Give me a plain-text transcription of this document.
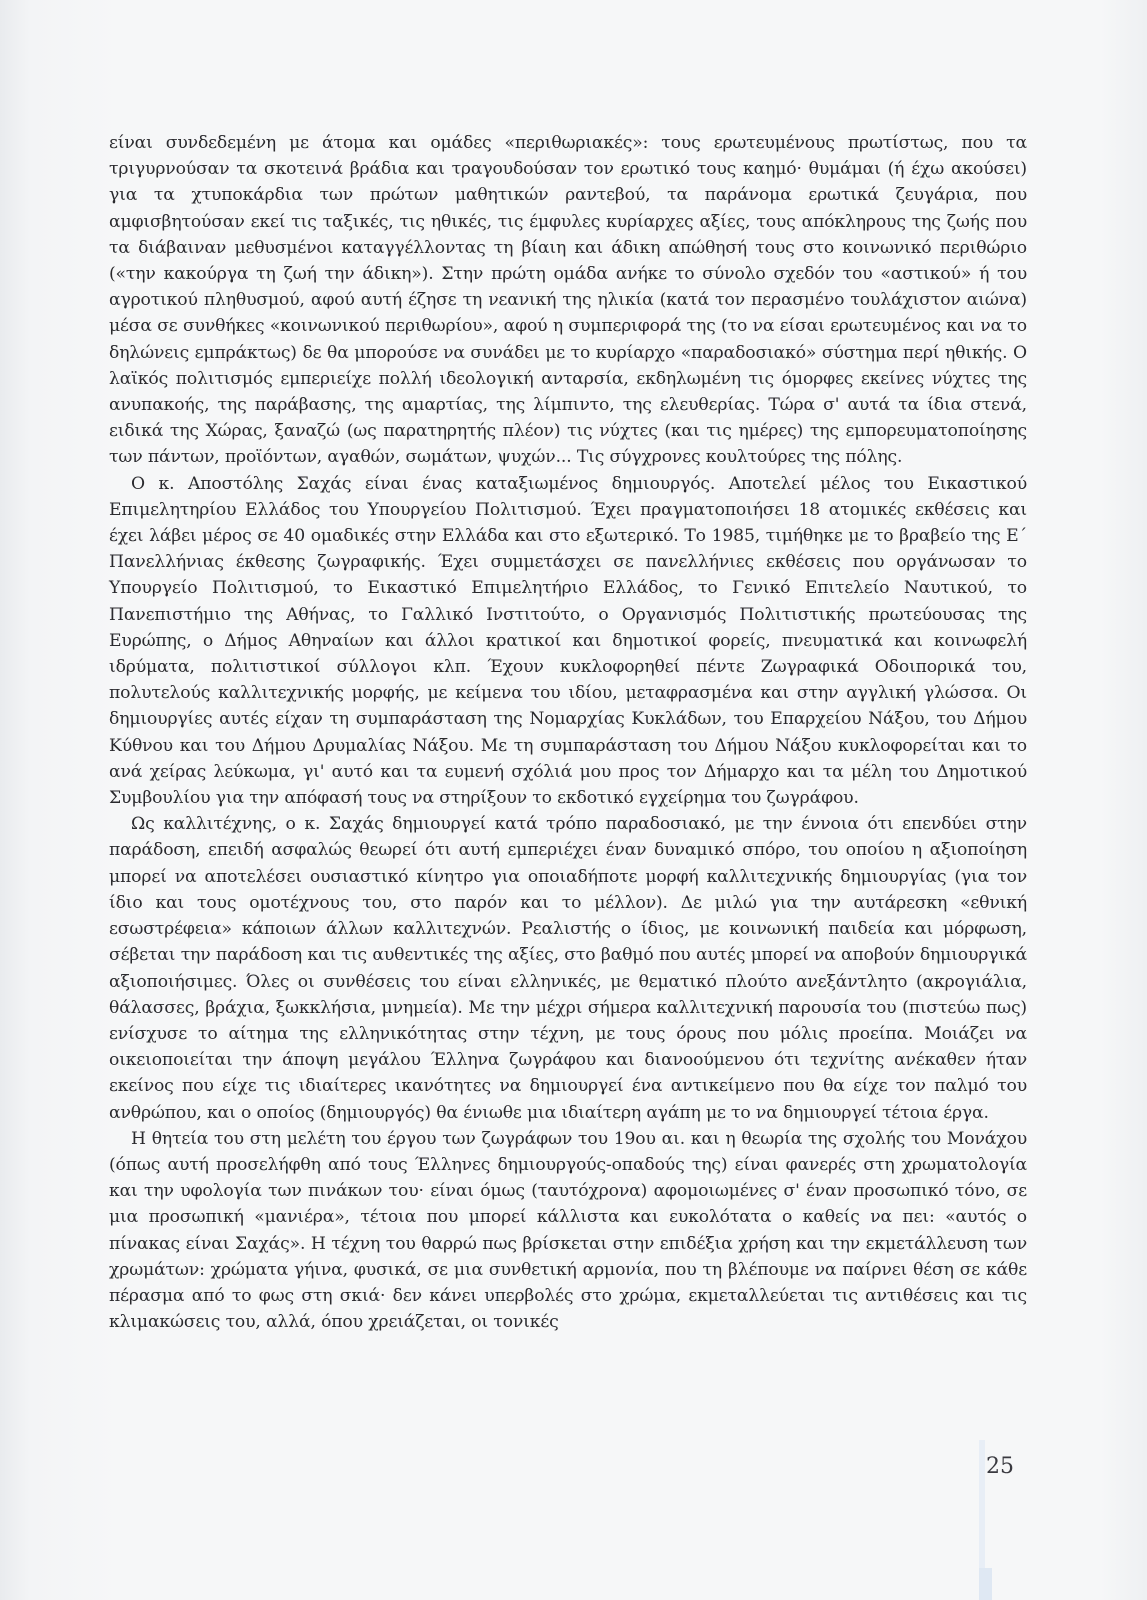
είναι συνδεδεμένη με άτομα και ομάδες «περιθωριακές»: τους ερωτευμένους πρωτίστως, που τα τριγυρνούσαν τα σκοτεινά βράδια και τραγουδούσαν τον ερωτικό τους καημό· θυμάμαι (ή έχω ακούσει) για τα χτυποκάρδια των πρώτων μαθητικών ραντεβού, τα παράνομα ερωτικά ζευγάρια, που αμφισβητούσαν εκεί τις ταξικές, τις ηθικές, τις έμφυλες κυρίαρχες αξίες, τους απόκληρους της ζωής που τα διάβαιναν μεθυσμένοι καταγγέλλοντας τη βίαιη και άδικη απώθησή τους στο κοινωνικό περιθώριο («την κακούργα τη ζωή την άδικη»). Στην πρώτη ομάδα ανήκε το σύνολο σχεδόν του «αστικού» ή του αγροτικού πληθυσμού, αφού αυτή έζησε τη νεανική της ηλικία (κατά τον περασμένο τουλάχιστον αιώνα) μέσα σε συνθήκες «κοινωνικού περιθωρίου», αφού η συμπεριφορά της (το να είσαι ερωτευμένος και να το δηλώνεις εμπράκτως) δε θα μπορούσε να συνάδει με το κυρίαρχο «παραδοσιακό» σύστημα περί ηθικής. Ο λαϊκός πολιτισμός εμπεριείχε πολλή ιδεολογική ανταρσία, εκδηλωμένη τις όμορφες εκείνες νύχτες της ανυπακοής, της παράβασης, της αμαρτίας, της λίμπιντο, της ελευθερίας. Τώρα σ' αυτά τα ίδια στενά, ειδικά της Χώρας, ξαναζώ (ως παρατηρητής πλέον) τις νύχτες (και τις ημέρες) της εμπορευματοποίησης των πάντων, προϊόντων, αγαθών, σωμάτων, ψυχών... Τις σύγχρονες κουλτούρες της πόλης.

Ο κ. Αποστόλης Σαχάς είναι ένας καταξιωμένος δημιουργός. Αποτελεί μέλος του Εικαστικού Επιμελητηρίου Ελλάδος του Υπουργείου Πολιτισμού. Έχει πραγματοποιήσει 18 ατομικές εκθέσεις και έχει λάβει μέρος σε 40 ομαδικές στην Ελλάδα και στο εξωτερικό. Το 1985, τιμήθηκε με το βραβείο της Ε΄ Πανελλήνιας έκθεσης ζωγραφικής. Έχει συμμετάσχει σε πανελλήνιες εκθέσεις που οργάνωσαν το Υπουργείο Πολιτισμού, το Εικαστικό Επιμελητήριο Ελλάδος, το Γενικό Επιτελείο Ναυτικού, το Πανεπιστήμιο της Αθήνας, το Γαλλικό Ινστιτούτο, ο Οργανισμός Πολιτιστικής πρωτεύουσας της Ευρώπης, ο Δήμος Αθηναίων και άλλοι κρατικοί και δημοτικοί φορείς, πνευματικά και κοινωφελή ιδρύματα, πολιτιστικοί σύλλογοι κλπ. Έχουν κυκλοφορηθεί πέντε Ζωγραφικά Οδοιπορικά του, πολυτελούς καλλιτεχνικής μορφής, με κείμενα του ιδίου, μεταφρασμένα και στην αγγλική γλώσσα. Οι δημιουργίες αυτές είχαν τη συμπαράσταση της Νομαρχίας Κυκλάδων, του Επαρχείου Νάξου, του Δήμου Κύθνου και του Δήμου Δρυμαλίας Νάξου. Με τη συμπαράσταση του Δήμου Νάξου κυκλοφορείται και το ανά χείρας λεύκωμα, γι' αυτό και τα ευμενή σχόλιά μου προς τον Δήμαρχο και τα μέλη του Δημοτικού Συμβουλίου για την απόφασή τους να στηρίξουν το εκδοτικό εγχείρημα του ζωγράφου.

Ως καλλιτέχνης, ο κ. Σαχάς δημιουργεί κατά τρόπο παραδοσιακό, με την έννοια ότι επενδύει στην παράδοση, επειδή ασφαλώς θεωρεί ότι αυτή εμπεριέχει έναν δυναμικό σπόρο, του οποίου η αξιοποίηση μπορεί να αποτελέσει ουσιαστικό κίνητρο για οποιαδήποτε μορφή καλλιτεχνικής δημιουργίας (για τον ίδιο και τους ομοτέχνους του, στο παρόν και το μέλλον). Δε μιλώ για την αυτάρεσκη «εθνική εσωστρέφεια» κάποιων άλλων καλλιτεχνών. Ρεαλιστής ο ίδιος, με κοινωνική παιδεία και μόρφωση, σέβεται την παράδοση και τις αυθεντικές της αξίες, στο βαθμό που αυτές μπορεί να αποβούν δημιουργικά αξιοποιήσιμες. Όλες οι συνθέσεις του είναι ελληνικές, με θεματικό πλούτο ανεξάντλητο (ακρογιάλια, θάλασσες, βράχια, ξωκκλήσια, μνημεία). Με την μέχρι σήμερα καλλιτεχνική παρουσία του (πιστεύω πως) ενίσχυσε το αίτημα της ελληνικότητας στην τέχνη, με τους όρους που μόλις προείπα. Μοιάζει να οικειοποιείται την άποψη μεγάλου Έλληνα ζωγράφου και διανοούμενου ότι τεχνίτης ανέκαθεν ήταν εκείνος που είχε τις ιδιαίτερες ικανότητες να δημιουργεί ένα αντικείμενο που θα είχε τον παλμό του ανθρώπου, και ο οποίος (δημιουργός) θα ένιωθε μια ιδιαίτερη αγάπη με το να δημιουργεί τέτοια έργα.

Η θητεία του στη μελέτη του έργου των ζωγράφων του 19ου αι. και η θεωρία της σχολής του Μονάχου (όπως αυτή προσελήφθη από τους Έλληνες δημιουργούς-οπαδούς της) είναι φανερές στη χρωματολογία και την υφολογία των πινάκων του· είναι όμως (ταυτόχρονα) αφομοιωμένες σ' έναν προσωπικό τόνο, σε μια προσωπική «μανιέρα», τέτοια που μπορεί κάλλιστα και ευκολότατα ο καθείς να πει: «αυτός ο πίνακας είναι Σαχάς». Η τέχνη του θαρρώ πως βρίσκεται στην επιδέξια χρήση και την εκμετάλλευση των χρωμάτων: χρώματα γήινα, φυσικά, σε μια συνθετική αρμονία, που τη βλέπουμε να παίρνει θέση σε κάθε πέρασμα από το φως στη σκιά· δεν κάνει υπερβολές στο χρώμα, εκμεταλλεύεται τις αντιθέσεις και τις κλιμακώσεις του, αλλά, όπου χρειάζεται, οι τονικές

25
